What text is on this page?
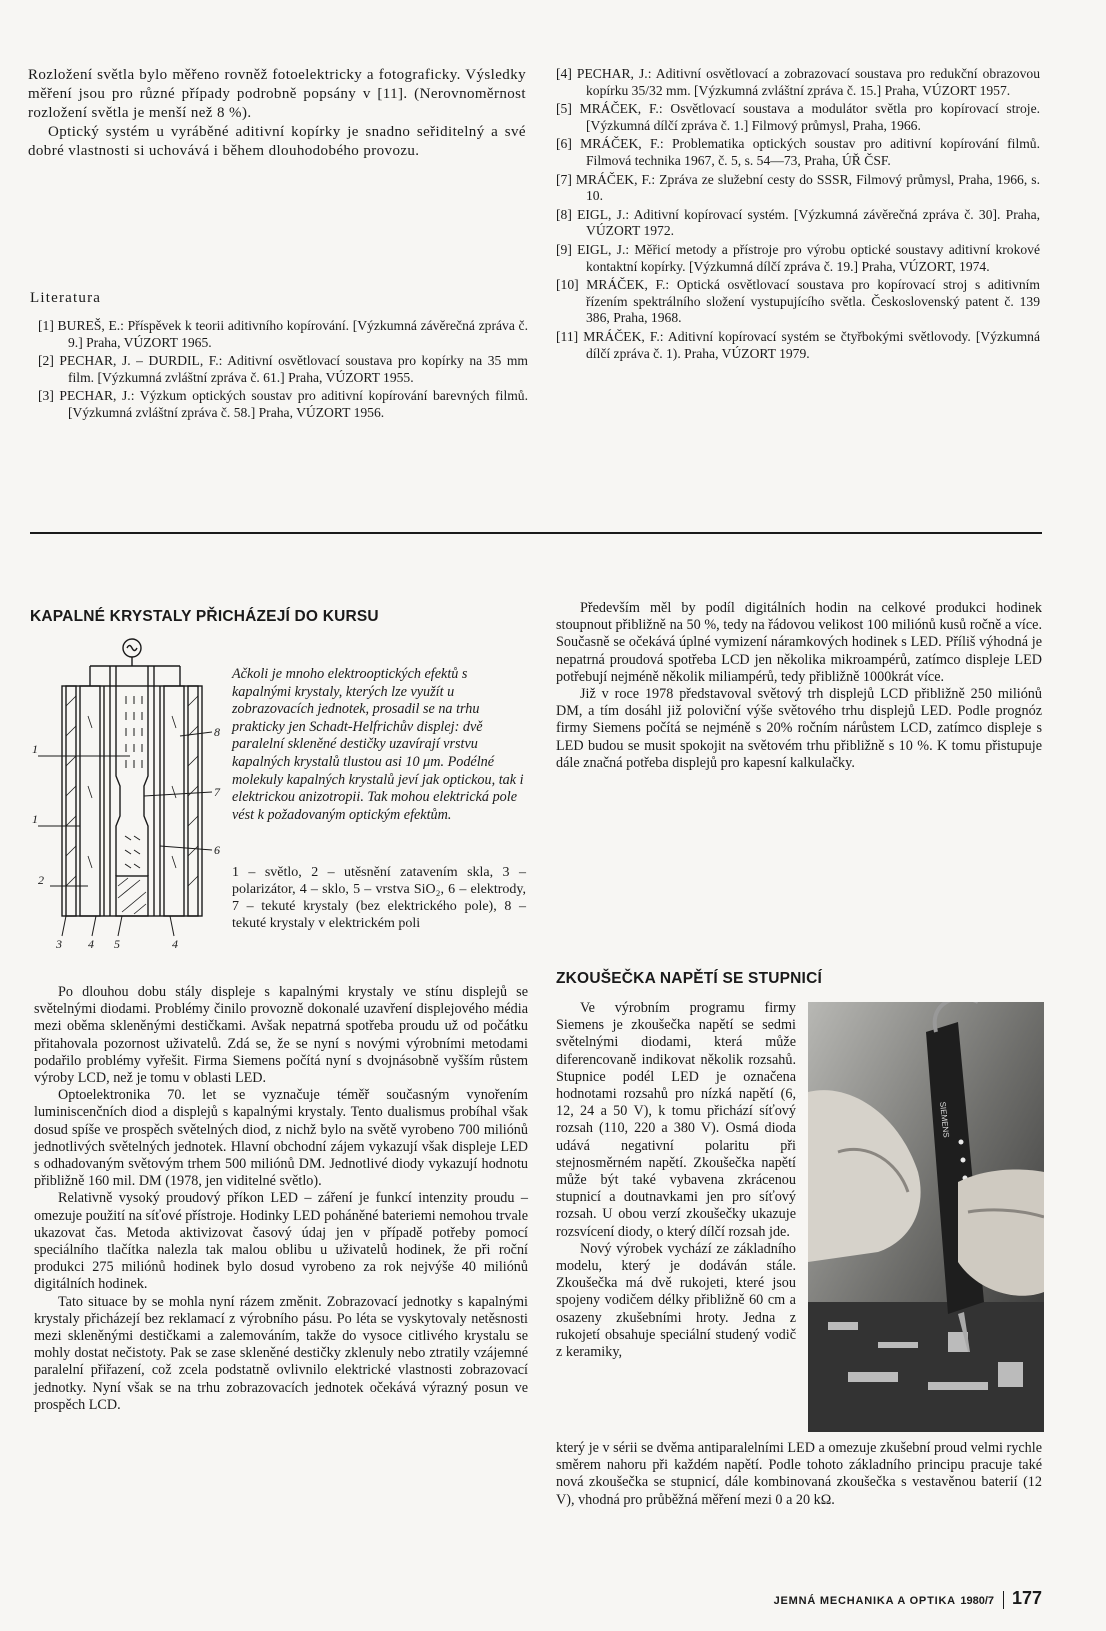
Rozložení světla bylo měřeno rovněž fotoelektricky a fotograficky. Výsledky měření jsou pro různé případy podrobně popsány v [11]. (Nerovnoměrnost rozložení světla je menší než 8 %).

Optický systém u vyráběné aditivní kopírky je snadno seřiditelný a své dobré vlastnosti si uchovává i během dlouhodobého provozu.

Literatura

[1] BUREŠ, E.: Příspěvek k teorii aditivního kopírování. [Výzkumná závěrečná zpráva č. 9.] Praha, VÚZORT 1965.

[2] PECHAR, J. – DURDIL, F.: Aditivní osvětlovací soustava pro kopírky na 35 mm film. [Výzkumná zvláštní zpráva č. 61.] Praha, VÚZORT 1955.

[3] PECHAR, J.: Výzkum optických soustav pro aditivní kopírování barevných filmů. [Výzkumná zvláštní zpráva č. 58.] Praha, VÚZORT 1956.

[4] PECHAR, J.: Aditivní osvětlovací a zobrazovací soustava pro redukční obrazovou kopírku 35/32 mm. [Výzkumná zvláštní zpráva č. 15.] Praha, VÚZORT 1957.

[5] MRÁČEK, F.: Osvětlovací soustava a modulátor světla pro kopírovací stroje. [Výzkumná dílčí zpráva č. 1.] Filmový průmysl, Praha, 1966.

[6] MRÁČEK, F.: Problematika optických soustav pro aditivní kopírování filmů. Filmová technika 1967, č. 5, s. 54—73, Praha, ÚŘ ČSF.

[7] MRÁČEK, F.: Zpráva ze služební cesty do SSSR, Filmový průmysl, Praha, 1966, s. 10.

[8] EIGL, J.: Aditivní kopírovací systém. [Výzkumná závěrečná zpráva č. 30]. Praha, VÚZORT 1972.

[9] EIGL, J.: Měřicí metody a přístroje pro výrobu optické soustavy aditivní krokové kontaktní kopírky. [Výzkumná dílčí zpráva č. 19.] Praha, VÚZORT, 1974.

[10] MRÁČEK, F.: Optická osvětlovací soustava pro kopírovací stroj s aditivním řízením spektrálního složení vystupujícího světla. Československý patent č. 139 386, Praha, 1968.

[11] MRÁČEK, F.: Aditivní kopírovací systém se čtyřbokými světlovody. [Výzkumná dílčí zpráva č. 1). Praha, VÚZORT 1979.

KAPALNÉ KRYSTALY PŘICHÁZEJÍ DO KURSU
1
2
3 4 5	4
6
7
8
1
Ačkoli je mnoho elektrooptických efektů s kapalnými krystaly, kterých lze využít u zobrazovacích jednotek, prosadil se na trhu prakticky jen Schadt-Helfrichův displej: dvě paralelní skleněné destičky uzavírají vrstvu kapalných krystalů tlustou asi 10 μm. Podélné molekuly kapalných krystalů jeví jak optickou, tak i elektrickou anizotropii. Tak mohou elektrická pole vést k požadovaným optickým efektům.
1 – světlo, 2 – utěsnění zatavením skla, 3 – polarizátor, 4 – sklo, 5 – vrstva SiO₂, 6 – elektrody, 7 – tekuté krystaly (bez elektrického pole), 8 – tekuté krystaly v elektrickém poli

Po dlouhou dobu stály displeje s kapalnými krystaly ve stínu displejů se světelnými diodami. Problémy činilo provozně dokonalé uzavření displejového média mezi oběma skleněnými destičkami. Avšak nepatrná spotřeba proudu už od počátku přitahovala pozornost uživatelů. Zdá se, že se nyní s novými výrobními metodami podařilo problémy vyřešit. Firma Siemens počítá nyní s dvojnásobně vyšším růstem výroby LCD, než je tomu v oblasti LED.

Optoelektronika 70. let se vyznačuje téměř současným vynořením luminiscenčních diod a displejů s kapalnými krystaly. Tento dualismus probíhal však dosud spíše ve prospěch světelných diod, z nichž bylo na světě vyrobeno 700 miliónů jednotlivých světelných jednotek. Hlavní obchodní zájem vykazují však displeje LED s odhadovaným světovým trhem 500 miliónů DM. Jednotlivé diody vykazují hodnotu přibližně 160 mil. DM (1978, jen viditelné světlo).

Relativně vysoký proudový příkon LED – záření je funkcí intenzity proudu – omezuje použití na síťové přístroje. Hodinky LED poháněné bateriemi nemohou trvale ukazovat čas. Metoda aktivizovat časový údaj jen v případě potřeby pomocí speciálního tlačítka nalezla tak malou oblibu u uživatelů hodinek, že při roční produkci 275 miliónů hodinek bylo dosud vyrobeno za rok nejvýše 40 miliónů digitálních hodinek.

Tato situace by se mohla nyní rázem změnit. Zobrazovací jednotky s kapalnými krystaly přicházejí bez reklamací z výrobního pásu. Po léta se vyskytovaly netěsnosti mezi skleněnými destičkami a zalemováním, takže do vysoce citlivého krystalu se mohly dostat nečistoty. Pak se zase skleněné destičky zklenuly nebo ztratily vzájemné paralelní přiřazení, což zcela podstatně ovlivnilo elektrické vlastnosti zobrazovací jednotky. Nyní však se na trhu zobrazovacích jednotek očekává výrazný posun ve prospěch LCD.

Především měl by podíl digitálních hodin na celkové produkci hodinek stoupnout přibližně na 50 %, tedy na řádovou velikost 100 miliónů kusů ročně a více. Současně se očekává úplné vymizení náramkových hodinek s LED. Příliš výhodná je nepatrná proudová spotřeba LCD jen několika mikroampérů, zatímco displeje LED potřebují nejméně několik miliampérů, tedy přibližně 1000krát více.

Již v roce 1978 představoval světový trh displejů LCD přibližně 250 miliónů DM, a tím dosáhl již poloviční výše světového trhu displejů LED. Podle prognóz firmy Siemens počítá se nejméně s 20% ročním nárůstem LCD, zatímco displeje s LED budou se musit spokojit na světovém trhu přibližně s 10 %. K tomu přistupuje dále značná potřeba displejů pro kapesní kalkulačky.

ZKOUŠEČKA NAPĚTÍ SE STUPNICÍ

Ve výrobním programu firmy Siemens je zkoušečka napětí se sedmi světelnými diodami, která může diferencovaně indikovat několik rozsahů. Stupnice podél LED je označena hodnotami rozsahů pro nízká napětí (6, 12, 24 a 50 V), k tomu přichází síťový rozsah (110, 220 a 380 V). Osmá dioda udává negativní polaritu při stejnosměrném napětí. Zkoušečka napětí může být také vybavena zkrácenou stupnicí a doutnavkami jen pro síťový rozsah. U obou verzí zkoušečky ukazuje rozsvícení diody, o který dílčí rozsah jde.

Nový výrobek vychází ze základního modelu, který je dodáván stále. Zkoušečka má dvě rukojeti, které jsou spojeny vodičem délky přibližně 60 cm a osazeny zkušebními hroty. Jedna z rukojetí obsahuje speciální studený vodič z keramiky,

SIEMENS

který je v sérii se dvěma antiparalelními LED a omezuje zkušební proud velmi rychle směrem nahoru při každém napětí. Podle tohoto základního principu pracuje také nová zkoušečka se stupnicí, dále kombinovaná zkoušečka s vestavěnou baterií (12 V), vhodná pro průběžná měření mezi 0 a 20 kΩ.

JEMNÁ MECHANIKA A OPTIKA 1980/7 177
